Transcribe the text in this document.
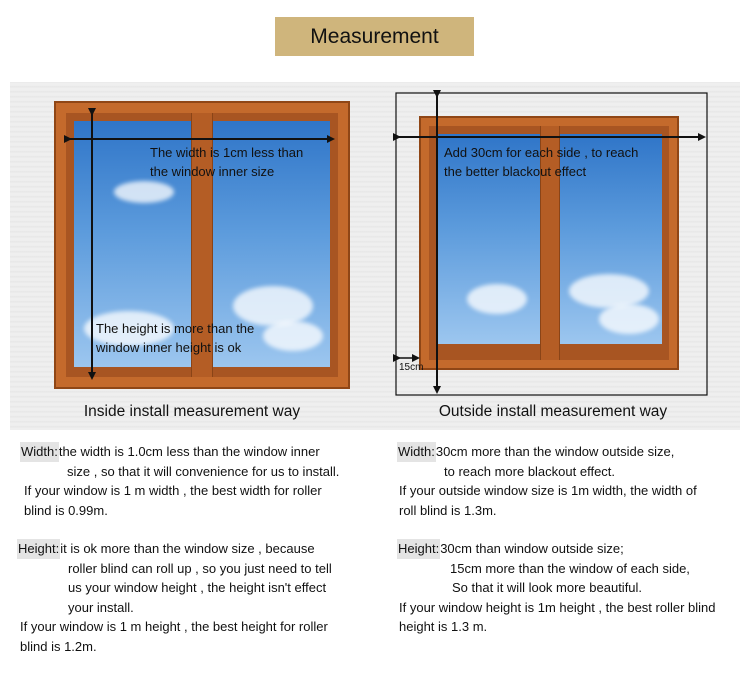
Measurement
The width is 1cm less than
the window inner size
The height is more than the
window inner height is ok
Add 30cm for each side , to reach
the better blackout effect
15cm
Inside install measurement way	Outside install measurement way
Width:the width is 1.0cm less than the window inner
size , so that it will convenience for us to install.
If your window is 1 m width , the best width for roller
blind is 0.99m.
Height:it is ok more than the window size , because
roller blind can roll up , so you just need to tell
us your window height , the height isn't effect
your install.
If your window is 1 m height , the best height for roller
blind is 1.2m.
Width:30cm more than the window outside size,
to reach more blackout effect.
If your outside window size is 1m width, the width of
roll blind is 1.3m.
Height:30cm than window outside size;
15cm more than the window of each side,
So that it will look more beautiful.
If your window height is 1m height , the best roller blind
height is 1.3 m.
